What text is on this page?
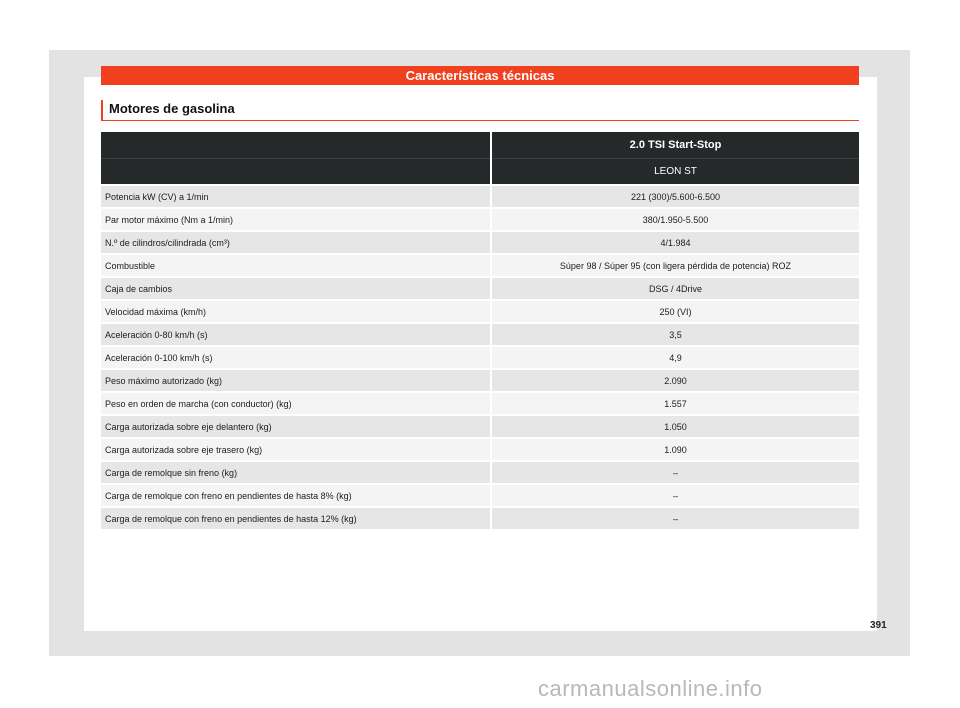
Características técnicas
Motores de gasolina
	2.0 TSI Start-Stop
	LEON ST
Potencia kW (CV) a 1/min	221 (300)/5.600-6.500
Par motor máximo (Nm a 1/min)	380/1.950-5.500
N.º de cilindros/cilindrada (cm³)	4/1.984
Combustible	Súper 98 / Súper 95 (con ligera pérdida de potencia) ROZ
Caja de cambios	DSG / 4Drive
Velocidad máxima (km/h)	250 (VI)
Aceleración 0-80 km/h (s)	3,5
Aceleración 0-100 km/h (s)	4,9
Peso máximo autorizado (kg)	2.090
Peso en orden de marcha (con conductor) (kg)	1.557
Carga autorizada sobre eje delantero (kg)	1.050
Carga autorizada sobre eje trasero (kg)	1.090
Carga de remolque sin freno (kg)	–
Carga de remolque con freno en pendientes de hasta 8% (kg)	–
Carga de remolque con freno en pendientes de hasta 12% (kg)	–
391
carmanualsonline.info
